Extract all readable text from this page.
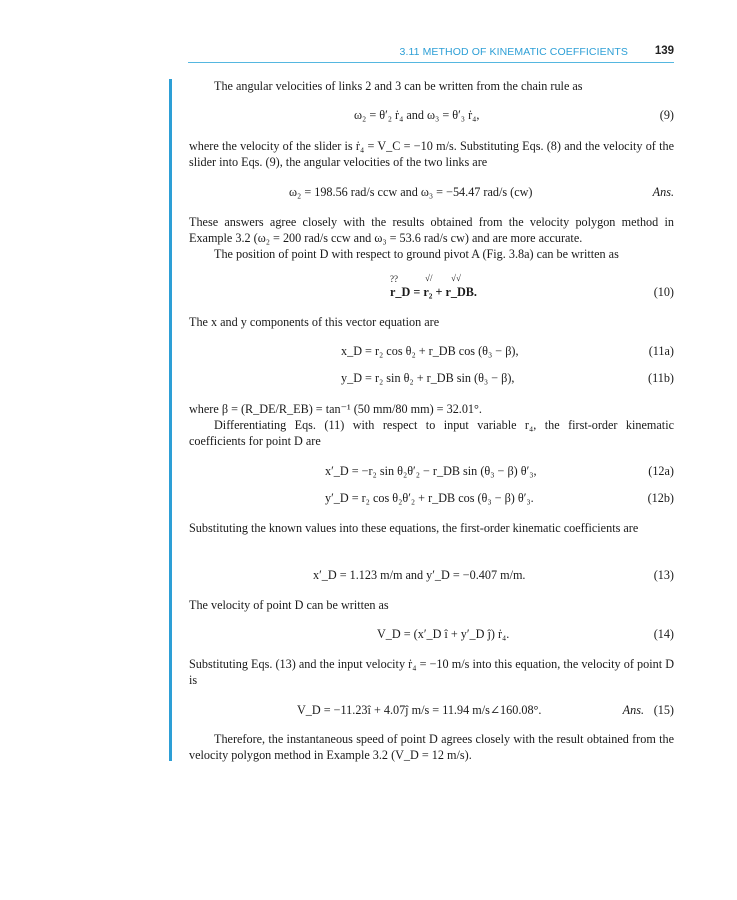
3.11 METHOD OF KINEMATIC COEFFICIENTS 139
The angular velocities of links 2 and 3 can be written from the chain rule as
ω₂ = θ′₂ ṙ₄ and ω₃ = θ′₃ ṙ₄,	(9)
where the velocity of the slider is ṙ₄ = V_C = −10 m/s. Substituting Eqs. (8) and the velocity of the slider into Eqs. (9), the angular velocities of the two links are
ω₂ = 198.56 rad/s ccw and ω₃ = −54.47 rad/s (cw)	Ans.
These answers agree closely with the results obtained from the velocity polygon method in Example 3.2 (ω₂ = 200 rad/s ccw and ω₃ = 53.6 rad/s cw) and are more accurate.
The position of point D with respect to ground pivot A (Fig. 3.8a) can be written as
??	√/ √√
r_D = r₂ + r_DB.	(10)
The x and y components of this vector equation are
x_D = r₂ cos θ₂ + r_DB cos (θ₃ − β),	(11a)
y_D = r₂ sin θ₂ + r_DB sin (θ₃ − β),	(11b)
where β = (R_DE/R_EB) = tan⁻¹ (50 mm/80 mm) = 32.01°.
Differentiating Eqs. (11) with respect to input variable r₄, the first-order kinematic coefficients for point D are
x′_D = −r₂ sin θ₂θ′₂ − r_DB sin (θ₃ − β) θ′₃,	(12a)
y′_D = r₂ cos θ₂θ′₂ + r_DB cos (θ₃ − β) θ′₃.	(12b)
Substituting the known values into these equations, the first-order kinematic coefficients are
x′_D = 1.123 m/m and y′_D = −0.407 m/m.	(13)
The velocity of point D can be written as
V_D = (x′_D î + y′_D ĵ) ṙ₄.	(14)
Substituting Eqs. (13) and the input velocity ṙ₄ = −10 m/s into this equation, the velocity of point D is
V_D = −11.23î + 4.07ĵ m/s = 11.94 m/s∠160.08°.	Ans. (15)
Therefore, the instantaneous speed of point D agrees closely with the result obtained from the velocity polygon method in Example 3.2 (V_D = 12 m/s).
